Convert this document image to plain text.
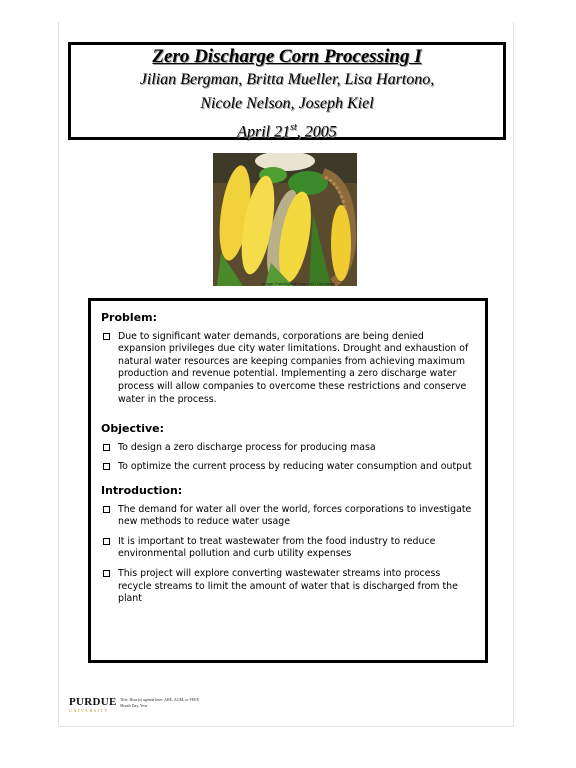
Zero Discharge Corn Processing I
Jilian Bergman, Britta Mueller, Lisa Hartono,
Nicole Nelson, Joseph Kiel
April 21st, 2005
Image: FreeDigitalPhotos.net / Cornstock
Problem:
Due to significant water demands, corporations are being denied expansion privileges due city water limitations. Drought and exhaustion of natural water resources are keeping companies from achieving maximum production and revenue potential. Implementing a zero discharge water process will allow companies to overcome these restrictions and conserve water in the process.
Objective:
To design a zero discharge process for producing masa
To optimize the current process by reducing water consumption and output
Introduction:
The demand for water all over the world, forces corporations to investigate new methods to reduce water usage
It is important to treat wastewater from the food industry to reduce environmental pollution and curb utility expenses
This project will explore converting wastewater streams into process recycle streams to limit the amount of water that is discharged from the plant
PURDUE
UNIVERSITY
Title: Hour(s) agenda here: ABE, AGM, or FEEE
Month Day, Year
